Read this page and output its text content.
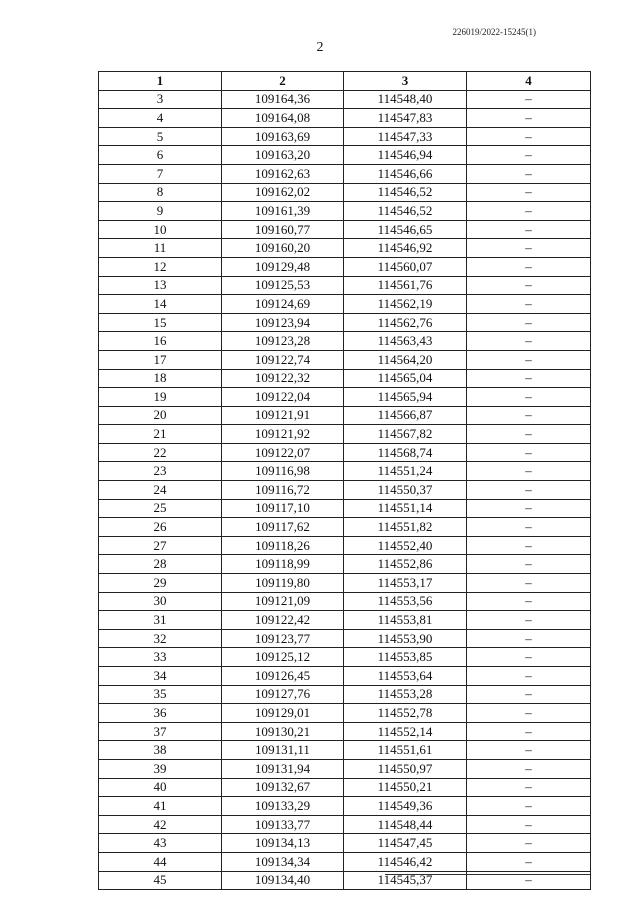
226019/2022-15245(1)
2
1	2	3	4
3	109164,36	114548,40	–
4	109164,08	114547,83	–
5	109163,69	114547,33	–
6	109163,20	114546,94	–
7	109162,63	114546,66	–
8	109162,02	114546,52	–
9	109161,39	114546,52	–
10	109160,77	114546,65	–
11	109160,20	114546,92	–
12	109129,48	114560,07	–
13	109125,53	114561,76	–
14	109124,69	114562,19	–
15	109123,94	114562,76	–
16	109123,28	114563,43	–
17	109122,74	114564,20	–
18	109122,32	114565,04	–
19	109122,04	114565,94	–
20	109121,91	114566,87	–
21	109121,92	114567,82	–
22	109122,07	114568,74	–
23	109116,98	114551,24	–
24	109116,72	114550,37	–
25	109117,10	114551,14	–
26	109117,62	114551,82	–
27	109118,26	114552,40	–
28	109118,99	114552,86	–
29	109119,80	114553,17	–
30	109121,09	114553,56	–
31	109122,42	114553,81	–
32	109123,77	114553,90	–
33	109125,12	114553,85	–
34	109126,45	114553,64	–
35	109127,76	114553,28	–
36	109129,01	114552,78	–
37	109130,21	114552,14	–
38	109131,11	114551,61	–
39	109131,94	114550,97	–
40	109132,67	114550,21	–
41	109133,29	114549,36	–
42	109133,77	114548,44	–
43	109134,13	114547,45	–
44	109134,34	114546,42	–
45	109134,40	114545,37	–
